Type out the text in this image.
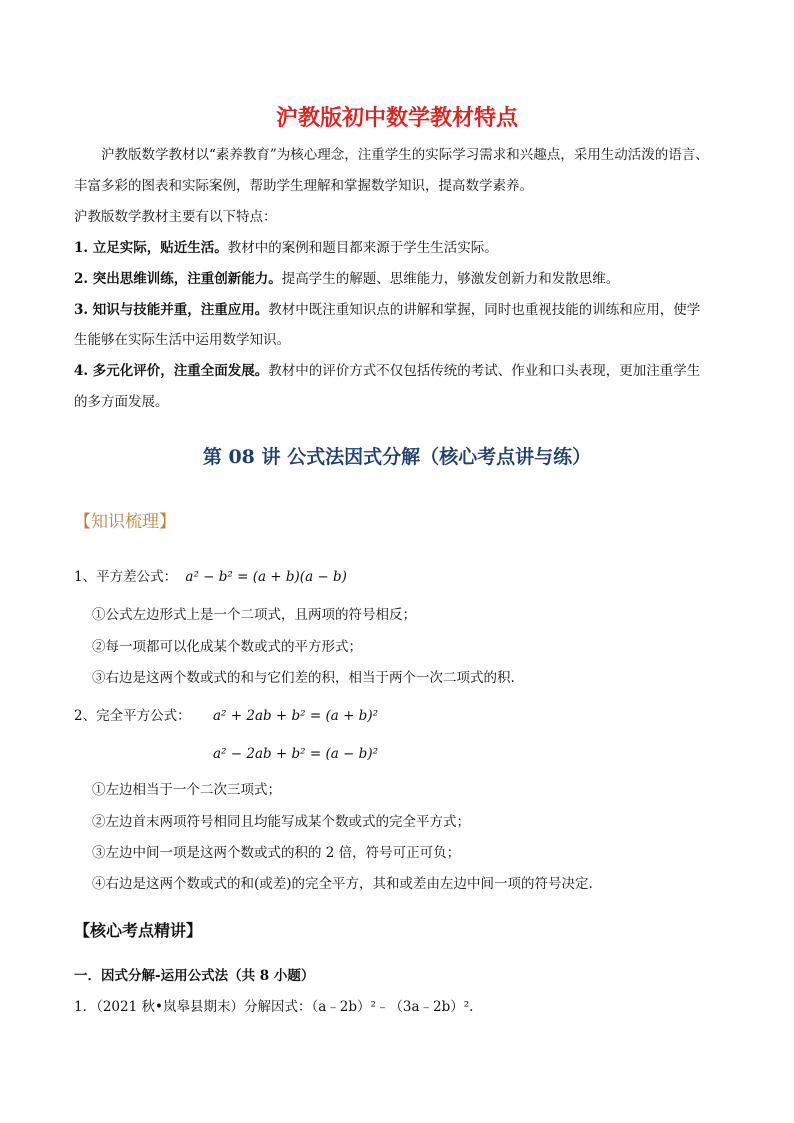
沪教版初中数学教材特点
沪教版数学教材以“素养教育”为核心理念，注重学生的实际学习需求和兴趣点，采用生动活泼的语言、
丰富多彩的图表和实际案例，帮助学生理解和掌握数学知识，提高数学素养。
沪教版数学教材主要有以下特点：
1. 立足实际，贴近生活。教材中的案例和题目都来源于学生生活实际。
2. 突出思维训练，注重创新能力。提高学生的解题、思维能力，够激发创新力和发散思维。
3. 知识与技能并重，注重应用。教材中既注重知识点的讲解和掌握，同时也重视技能的训练和应用，使学
生能够在实际生活中运用数学知识。
4. 多元化评价，注重全面发展。教材中的评价方式不仅包括传统的考试、作业和口头表现，更加注重学生
的多方面发展。
第 08 讲 公式法因式分解（核心考点讲与练）
【知识梳理】
1、平方差公式： a² − b² = (a + b)(a − b)
①公式左边形式上是一个二项式，且两项的符号相反；
②每一项都可以化成某个数或式的平方形式；
③右边是这两个数或式的和与它们差的积，相当于两个一次二项式的积.
2、完全平方公式： a² + 2ab + b² = (a + b)²
a² − 2ab + b² = (a − b)²
①左边相当于一个二次三项式；
②左边首末两项符号相同且均能写成某个数或式的完全平方式；
③左边中间一项是这两个数或式的积的 2 倍，符号可正可负；
④右边是这两个数或式的和(或差)的完全平方，其和或差由左边中间一项的符号决定.
【核心考点精讲】
一．因式分解-运用公式法（共 8 小题）
1．（2021 秋•岚皋县期末）分解因式：（a﹣2b）²﹣（3a﹣2b）².
